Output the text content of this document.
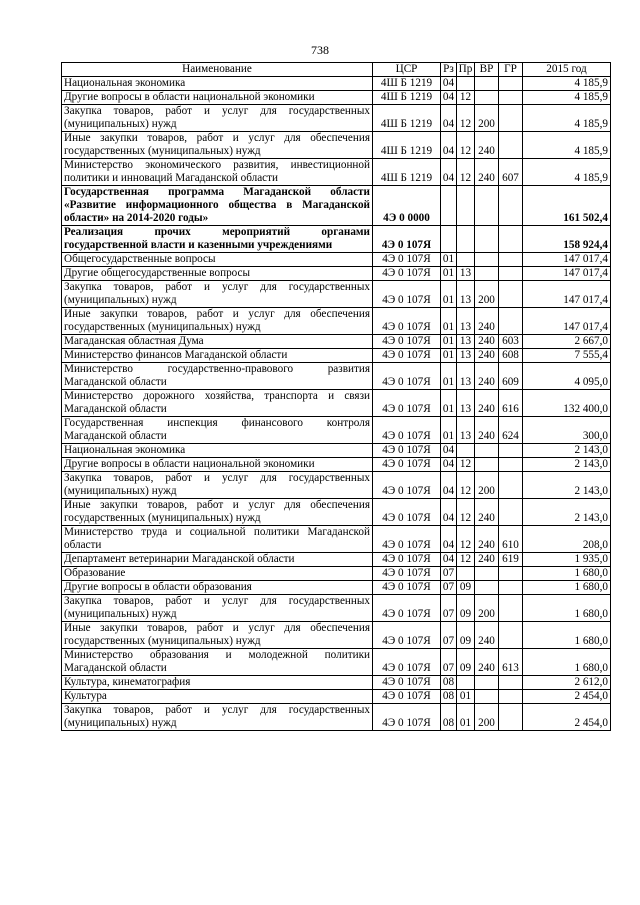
738
Наименование	ЦСР	Рз	Пр	ВР	ГР	2015 год
Национальная экономика	4Ш Б 1219	04				4 185,9
Другие вопросы в области национальной экономики	4Ш Б 1219	04	12			4 185,9
Закупка товаров, работ и услуг для государственных (муниципальных) нужд	4Ш Б 1219	04	12	200		4 185,9
Иные закупки товаров, работ и услуг для обеспечения государственных (муниципальных) нужд	4Ш Б 1219	04	12	240		4 185,9
Министерство экономического развития, инвестиционной политики и инноваций Магаданской области	4Ш Б 1219	04	12	240	607	4 185,9
Государственная программа Магаданской области «Развитие информационного общества в Магаданской области» на 2014-2020 годы»	4Э 0 0000					161 502,4
Реализация прочих мероприятий органами государственной власти и казенными учреждениями	4Э 0 107Я					158 924,4
Общегосударственные вопросы	4Э 0 107Я	01				147 017,4
Другие общегосударственные вопросы	4Э 0 107Я	01	13			147 017,4
Закупка товаров, работ и услуг для государственных (муниципальных) нужд	4Э 0 107Я	01	13	200		147 017,4
Иные закупки товаров, работ и услуг для обеспечения государственных (муниципальных) нужд	4Э 0 107Я	01	13	240		147 017,4
Магаданская областная Дума	4Э 0 107Я	01	13	240	603	2 667,0
Министерство финансов Магаданской области	4Э 0 107Я	01	13	240	608	7 555,4
Министерство государственно-правового развития Магаданской области	4Э 0 107Я	01	13	240	609	4 095,0
Министерство дорожного хозяйства, транспорта и связи Магаданской области	4Э 0 107Я	01	13	240	616	132 400,0
Государственная инспекция финансового контроля Магаданской области	4Э 0 107Я	01	13	240	624	300,0
Национальная экономика	4Э 0 107Я	04				2 143,0
Другие вопросы в области национальной экономики	4Э 0 107Я	04	12			2 143,0
Закупка товаров, работ и услуг для государственных (муниципальных) нужд	4Э 0 107Я	04	12	200		2 143,0
Иные закупки товаров, работ и услуг для обеспечения государственных (муниципальных) нужд	4Э 0 107Я	04	12	240		2 143,0
Министерство труда и социальной политики Магаданской области	4Э 0 107Я	04	12	240	610	208,0
Департамент ветеринарии Магаданской области	4Э 0 107Я	04	12	240	619	1 935,0
Образование	4Э 0 107Я	07				1 680,0
Другие вопросы в области образования	4Э 0 107Я	07	09			1 680,0
Закупка товаров, работ и услуг для государственных (муниципальных) нужд	4Э 0 107Я	07	09	200		1 680,0
Иные закупки товаров, работ и услуг для обеспечения государственных (муниципальных) нужд	4Э 0 107Я	07	09	240		1 680,0
Министерство образования и молодежной политики Магаданской области	4Э 0 107Я	07	09	240	613	1 680,0
Культура, кинематография	4Э 0 107Я	08				2 612,0
Культура	4Э 0 107Я	08	01			2 454,0
Закупка товаров, работ и услуг для государственных (муниципальных) нужд	4Э 0 107Я	08	01	200		2 454,0
